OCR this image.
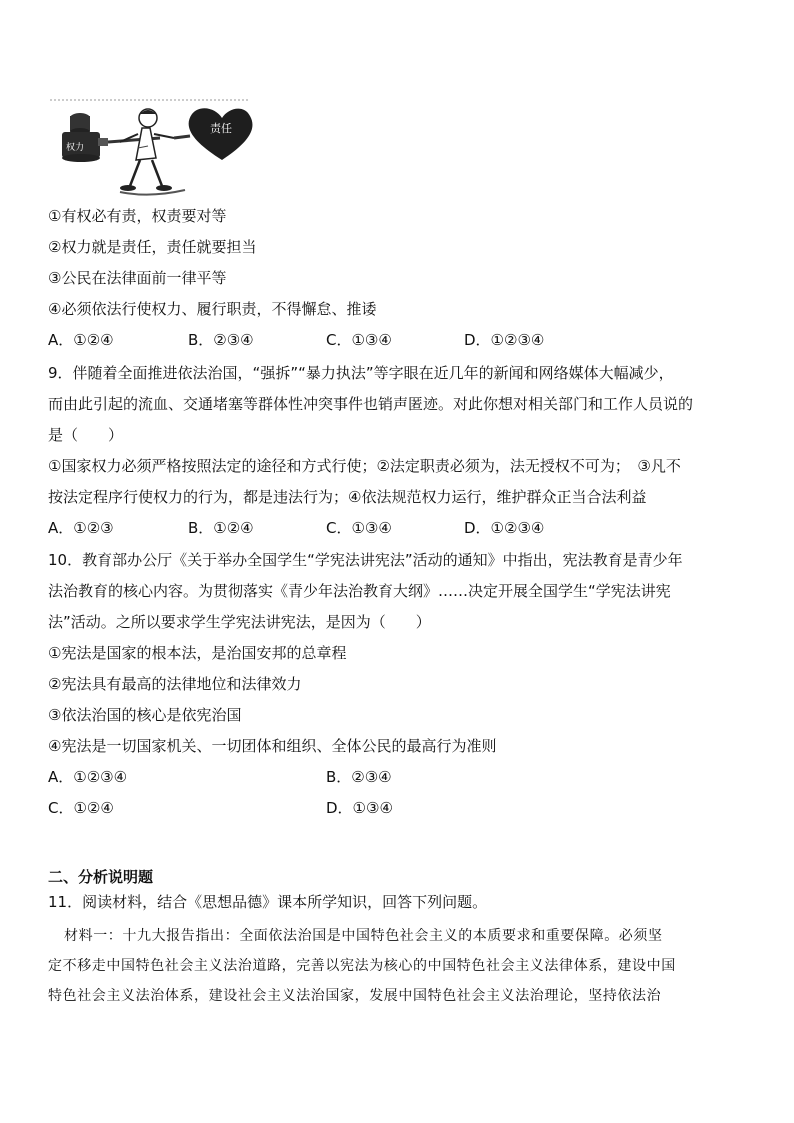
权力
责任
①有权必有责，权责要对等
②权力就是责任，责任就要担当
③公民在法律面前一律平等
④必须依法行使权力、履行职责，不得懈怠、推诿
A．①②④	B．②③④	C．①③④	D．①②③④
9．伴随着全面推进依法治国，“强拆”“暴力执法”等字眼在近几年的新闻和网络媒体大幅减少，
而由此引起的流血、交通堵塞等群体性冲突事件也销声匿迹。对此你想对相关部门和工作人员说的
是（　　）
①国家权力必须严格按照法定的途径和方式行使；②法定职责必须为，法无授权不可为；　③凡不
按法定程序行使权力的行为，都是违法行为；④依法规范权力运行，维护群众正当合法利益
A．①②③	B．①②④	C．①③④	D．①②③④
10．教育部办公厅《关于举办全国学生“学宪法讲宪法”活动的通知》中指出，宪法教育是青少年
法治教育的核心内容。为贯彻落实《青少年法治教育大纲》……决定开展全国学生“学宪法讲宪
法”活动。之所以要求学生学宪法讲宪法，是因为（　　）
①宪法是国家的根本法，是治国安邦的总章程
②宪法具有最高的法律地位和法律效力
③依法治国的核心是依宪治国
④宪法是一切国家机关、一切团体和组织、全体公民的最高行为准则
A．①②③④	B．②③④
C．①②④	D．①③④
二、分析说明题
11．阅读材料，结合《思想品德》课本所学知识，回答下列问题。
材料一：十九大报告指出：全面依法治国是中国特色社会主义的本质要求和重要保障。必须坚
定不移走中国特色社会主义法治道路，完善以宪法为核心的中国特色社会主义法律体系，建设中国
特色社会主义法治体系，建设社会主义法治国家，发展中国特色社会主义法治理论，坚持依法治
